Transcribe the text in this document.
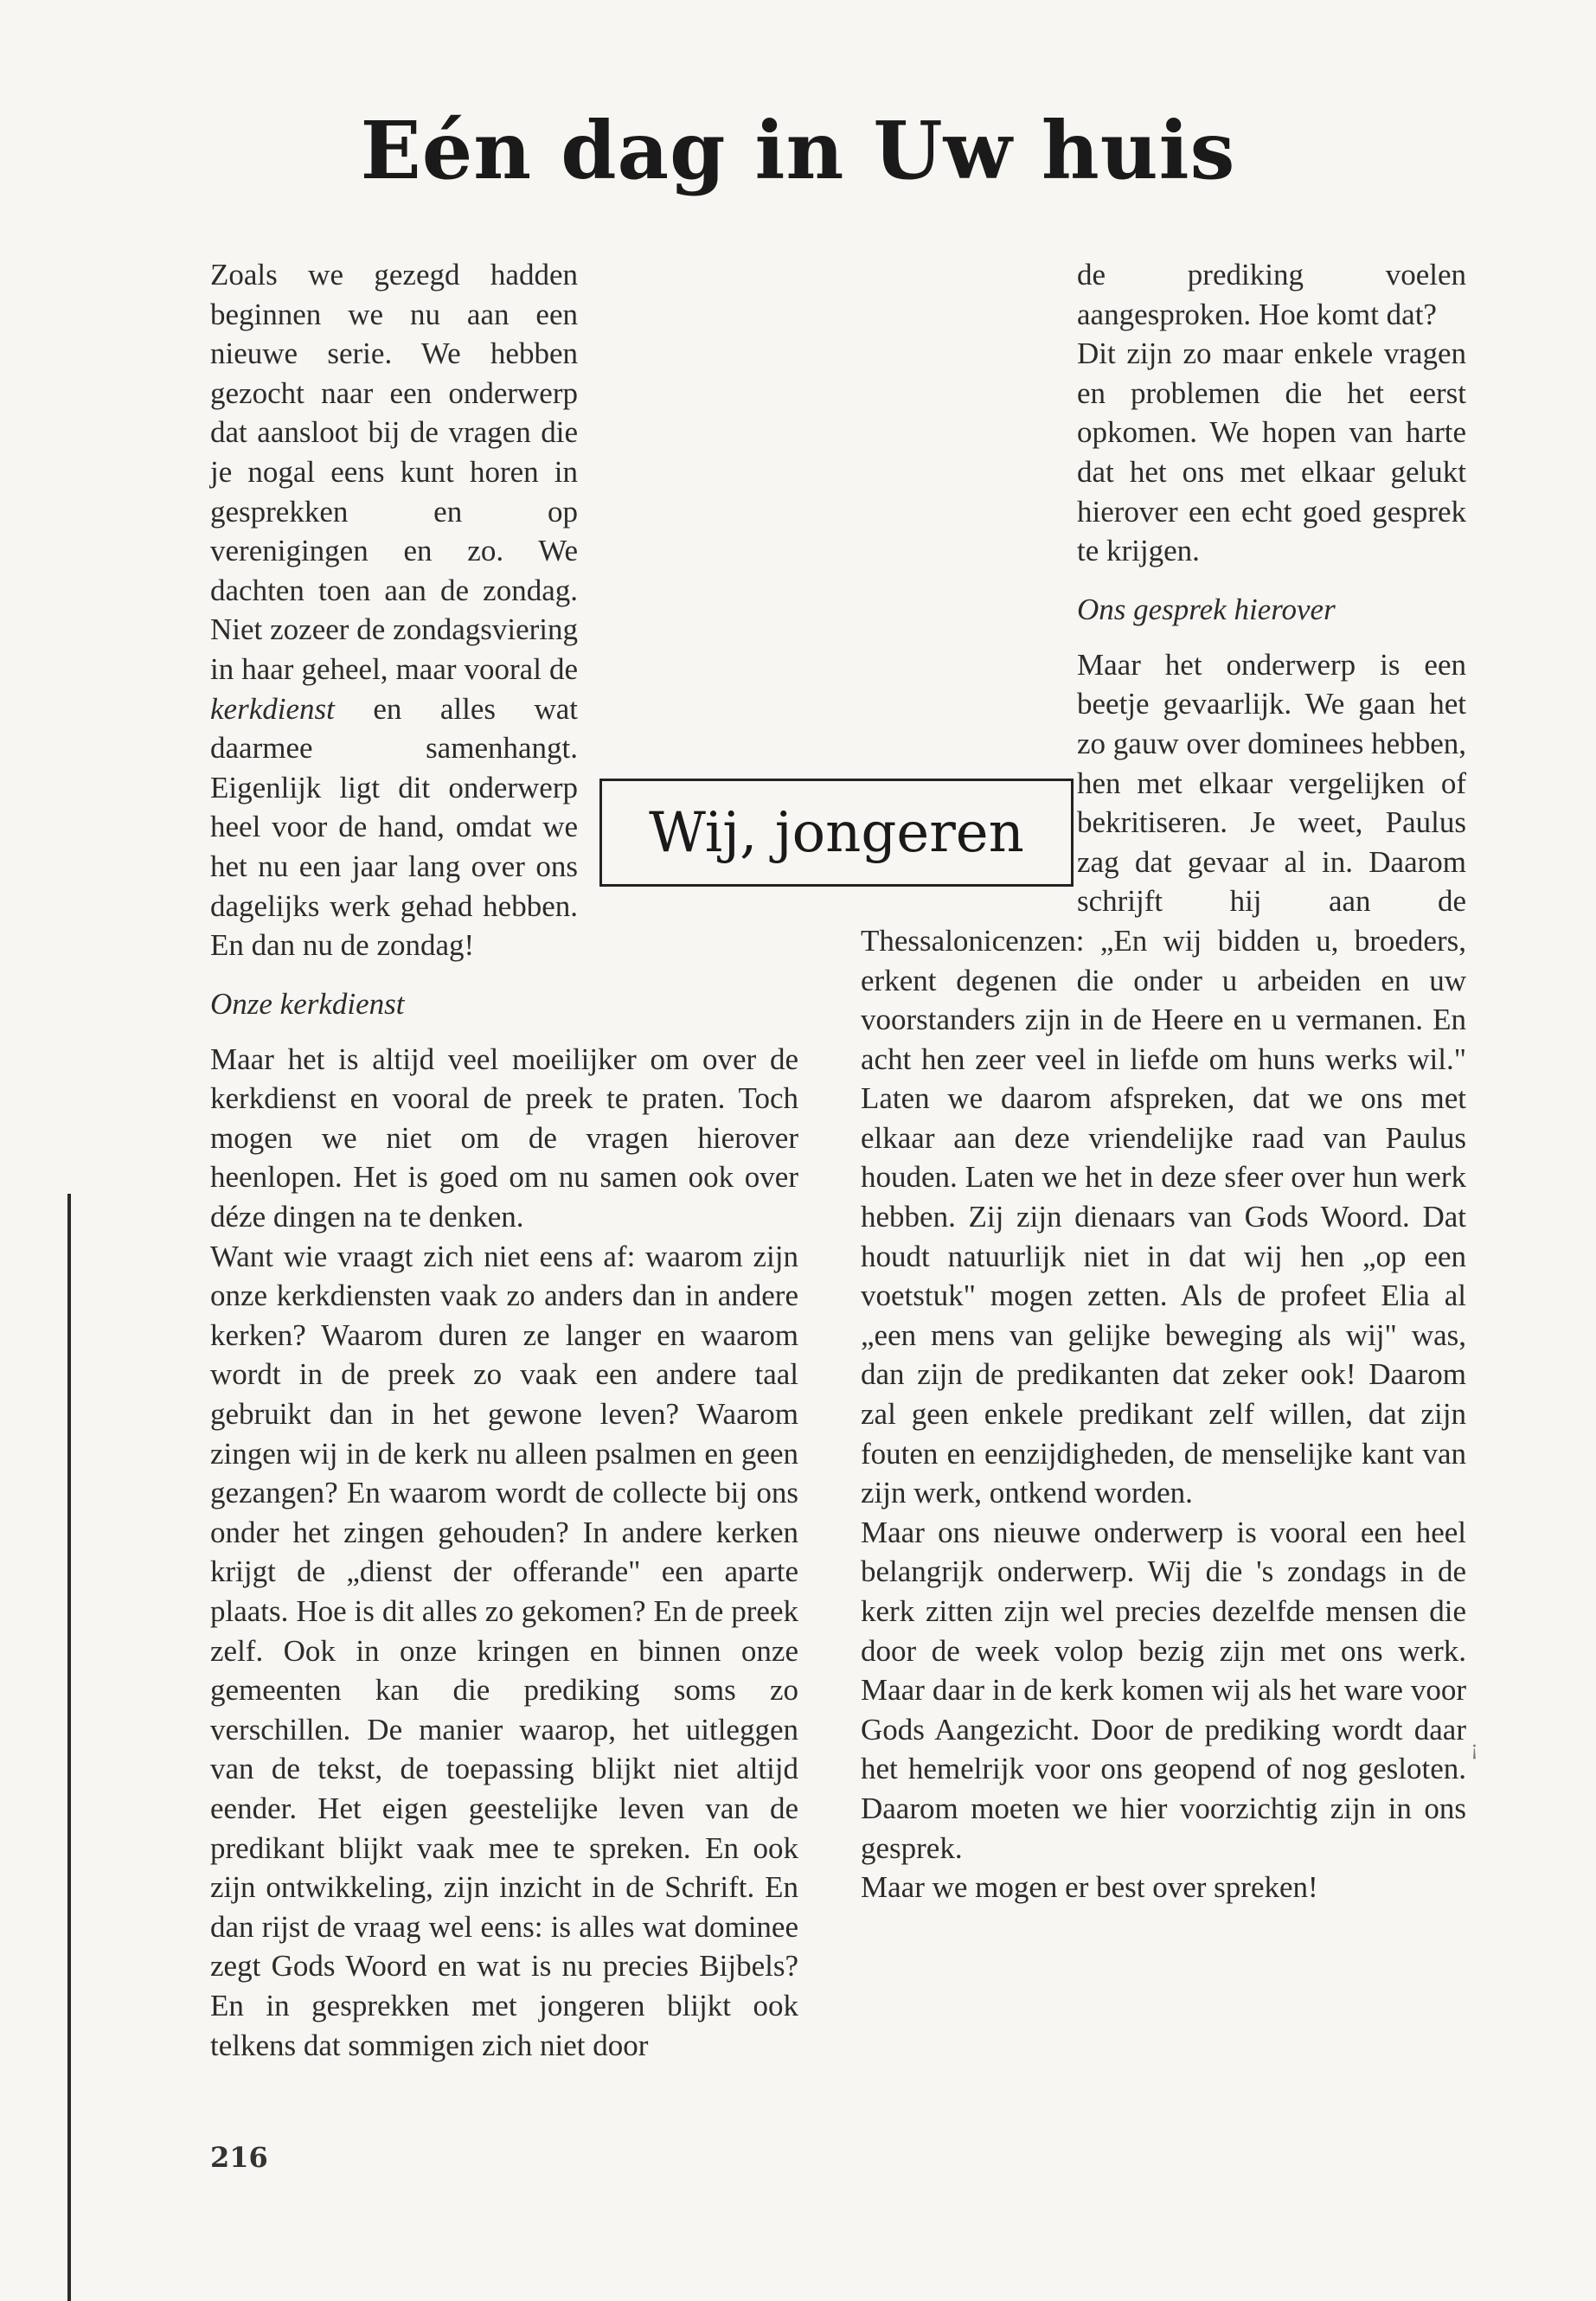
Eén dag in Uw huis
Wij, jongeren
216
¡

Zoals we gezegd hadden beginnen we nu aan een nieuwe serie. We hebben gezocht naar een onderwerp dat aansloot bij de vragen die je nogal eens kunt horen in gesprekken en op verenigingen en zo. We dachten toen aan de zondag. Niet zozeer de zondagsviering in haar geheel, maar vooral de kerkdienst en alles wat daarmee samenhangt. Eigenlijk ligt dit onderwerp heel voor de hand, omdat we het nu een jaar lang over ons dagelijks werk gehad hebben. En dan nu de zondag!

Onze kerkdienst

Maar het is altijd veel moeilijker om over de kerkdienst en vooral de preek te praten. Toch mogen we niet om de vragen hierover heenlopen. Het is goed om nu samen ook over déze dingen na te denken.

Want wie vraagt zich niet eens af: waarom zijn onze kerkdiensten vaak zo anders dan in andere kerken? Waarom duren ze langer en waarom wordt in de preek zo vaak een andere taal gebruikt dan in het gewone leven? Waarom zingen wij in de kerk nu alleen psalmen en geen gezangen? En waarom wordt de collecte bij ons onder het zingen gehouden? In andere kerken krijgt de „dienst der offerande" een aparte plaats. Hoe is dit alles zo gekomen? En de preek zelf. Ook in onze kringen en binnen onze gemeenten kan die prediking soms zo verschillen. De manier waarop, het uitleggen van de tekst, de toepassing blijkt niet altijd eender. Het eigen geestelijke leven van de predikant blijkt vaak mee te spreken. En ook zijn ontwikkeling, zijn inzicht in de Schrift. En dan rijst de vraag wel eens: is alles wat dominee zegt Gods Woord en wat is nu precies Bijbels? En in gesprekken met jongeren blijkt ook telkens dat sommigen zich niet door

de prediking voelen aangesproken. Hoe komt dat?

Dit zijn zo maar enkele vragen en problemen die het eerst opkomen. We hopen van harte dat het ons met elkaar gelukt hierover een echt goed gesprek te krijgen.

Ons gesprek hierover

Maar het onderwerp is een beetje gevaarlijk. We gaan het zo gauw over dominees hebben, hen met elkaar vergelijken of bekritiseren. Je weet, Paulus zag dat gevaar al in. Daarom schrijft hij aan de Thessalonicenzen: „En wij bidden u, broeders, erkent degenen die onder u arbeiden en uw voorstanders zijn in de Heere en u vermanen. En acht hen zeer veel in liefde om huns werks wil." Laten we daarom afspreken, dat we ons met elkaar aan deze vriendelijke raad van Paulus houden. Laten we het in deze sfeer over hun werk hebben. Zij zijn dienaars van Gods Woord. Dat houdt natuurlijk niet in dat wij hen „op een voetstuk" mogen zetten. Als de profeet Elia al „een mens van gelijke beweging als wij" was, dan zijn de predikanten dat zeker ook! Daarom zal geen enkele predikant zelf willen, dat zijn fouten en eenzijdigheden, de menselijke kant van zijn werk, ontkend worden.

Maar ons nieuwe onderwerp is vooral een heel belangrijk onderwerp. Wij die 's zondags in de kerk zitten zijn wel precies dezelfde mensen die door de week volop bezig zijn met ons werk. Maar daar in de kerk komen wij als het ware voor Gods Aangezicht. Door de prediking wordt daar het hemelrijk voor ons geopend of nog gesloten. Daarom moeten we hier voorzichtig zijn in ons gesprek.

Maar we mogen er best over spreken!
